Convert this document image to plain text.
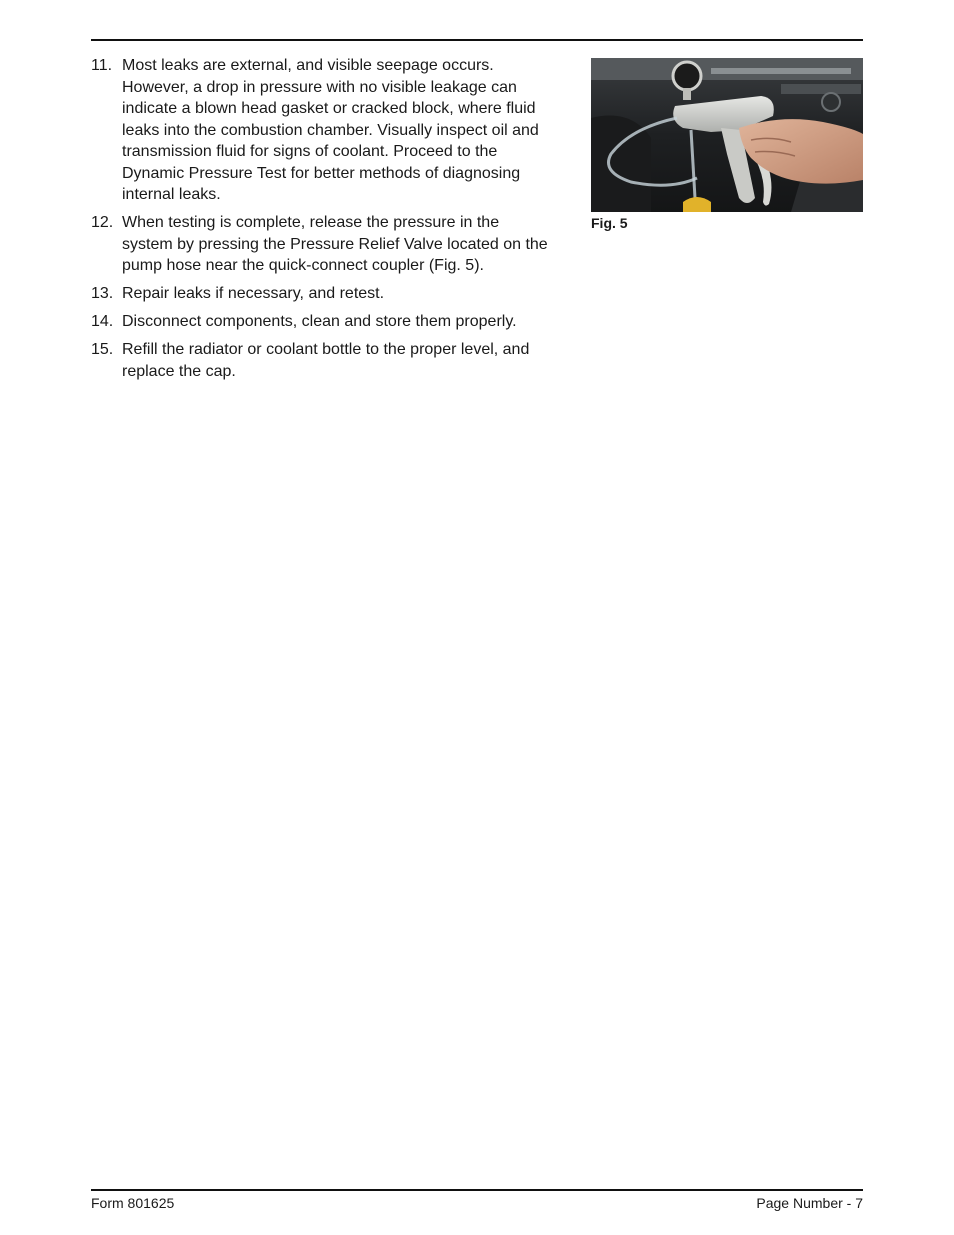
11. Most leaks are external, and visible seepage occurs. However, a drop in pressure with no visible leakage can indicate a blown head gasket or cracked block, where fluid leaks into the combustion chamber. Visually inspect oil and transmission fluid for signs of coolant. Proceed to the Dynamic Pressure Test for better methods of diagnosing internal leaks.
12. When testing is complete, release the pressure in the system by pressing the Pressure Relief Valve located on the pump hose near the quick-connect coupler (Fig. 5).
13. Repair leaks if necessary, and retest.
14. Disconnect components, clean and store them properly.
15. Refill the radiator or coolant bottle to the proper level, and replace the cap.
Fig. 5
Form 801625	Page Number - 7
